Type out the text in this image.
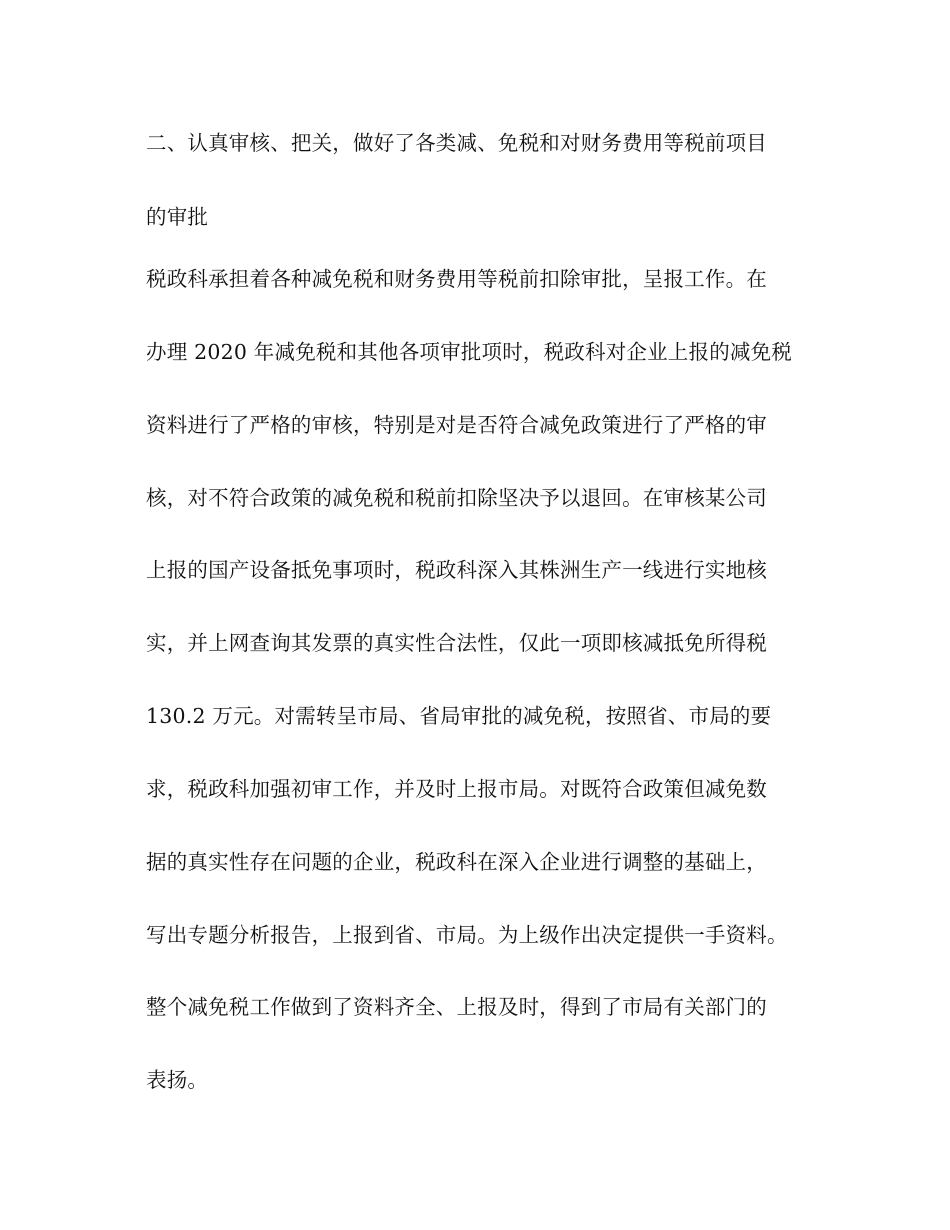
二、认真审核、把关，做好了各类减、免税和对财务费用等税前项目
的审批
税政科承担着各种减免税和财务费用等税前扣除审批，呈报工作。在
办理 2020 年减免税和其他各项审批项时，税政科对企业上报的减免税
资料进行了严格的审核，特别是对是否符合减免政策进行了严格的审
核，对不符合政策的减免税和税前扣除坚决予以退回。在审核某公司
上报的国产设备抵免事项时，税政科深入其株洲生产一线进行实地核
实，并上网查询其发票的真实性合法性，仅此一项即核减抵免所得税
130.2 万元。对需转呈市局、省局审批的减免税，按照省、市局的要
求，税政科加强初审工作，并及时上报市局。对既符合政策但减免数
据的真实性存在问题的企业，税政科在深入企业进行调整的基础上，
写出专题分析报告，上报到省、市局。为上级作出决定提供一手资料。
整个减免税工作做到了资料齐全、上报及时，得到了市局有关部门的
表扬。
